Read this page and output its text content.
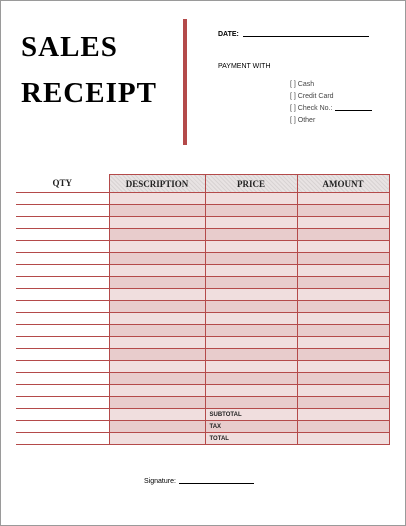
SALES
RECEIPT
DATE:
PAYMENT WITH
[ ] Cash
[ ] Credit Card
[ ] Check No.:
[ ] Other
QTY	DESCRIPTION	PRICE	AMOUNT

		SUBTOTAL	
		TAX	
		TOTAL	
Signature:
